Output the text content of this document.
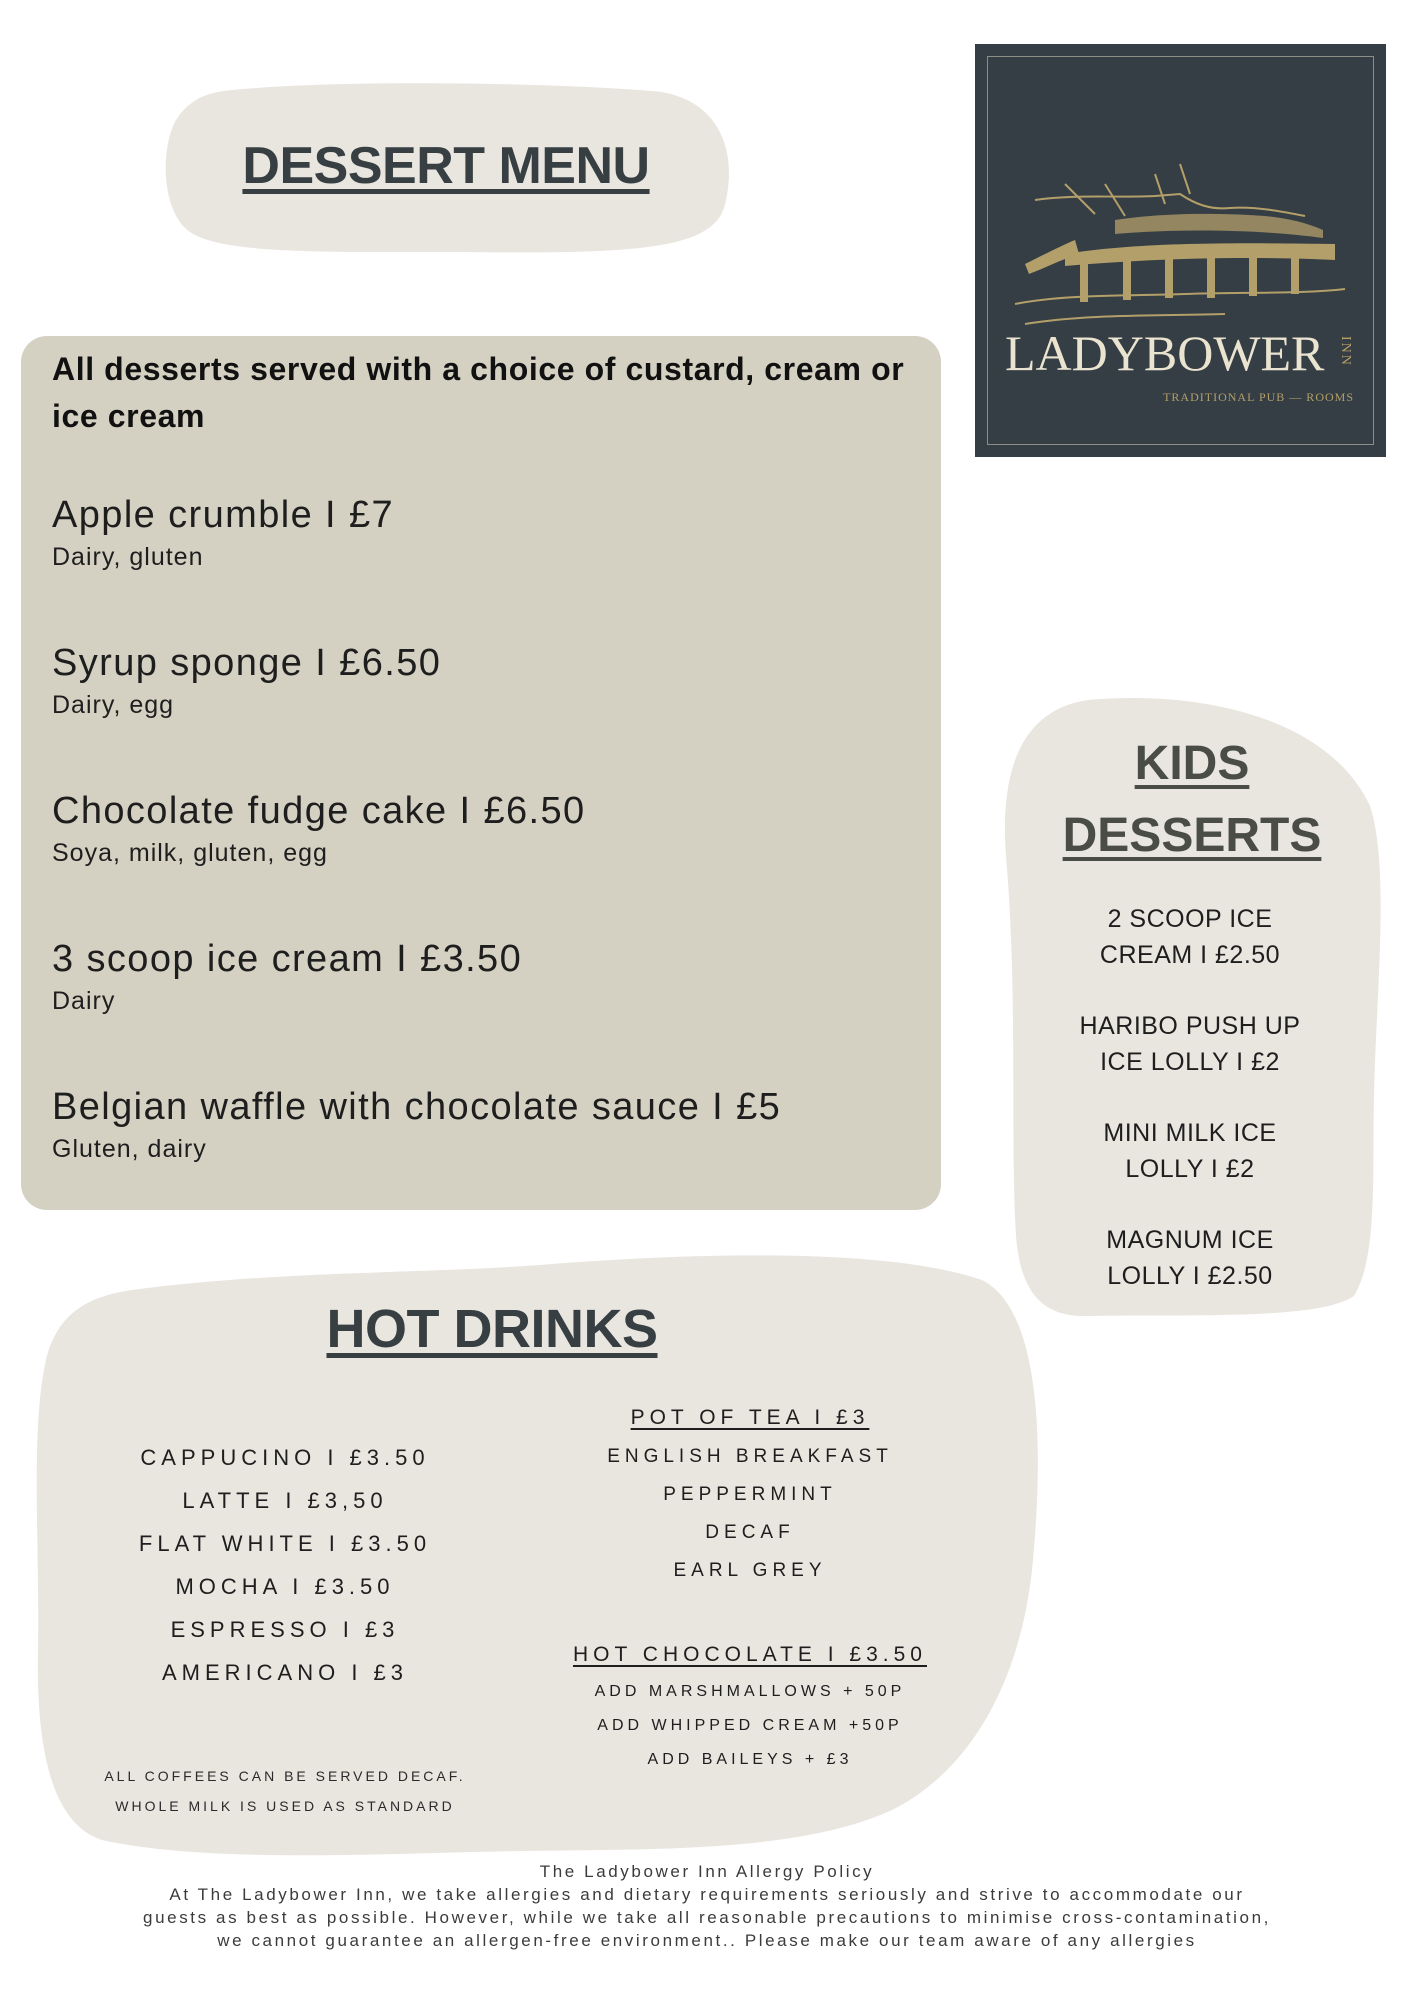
DESSERT MENU
LADYBOWER INN
TRADITIONAL PUB — ROOMS
All desserts served with a choice of custard, cream or ice cream
Apple crumble I £7
Dairy, gluten
Syrup sponge I £6.50
Dairy, egg
Chocolate fudge cake I £6.50
Soya, milk, gluten, egg
3 scoop ice cream I £3.50
Dairy
Belgian waffle with chocolate sauce I £5
Gluten, dairy
KIDS
DESSERTS
2 SCOOP ICE
CREAM I £2.50
HARIBO PUSH UP
ICE LOLLY I £2
MINI MILK ICE
LOLLY I £2
MAGNUM ICE
LOLLY I £2.50
HOT DRINKS
CAPPUCINO I £3.50
LATTE I £3,50
FLAT WHITE I £3.50
MOCHA I £3.50
ESPRESSO I £3
AMERICANO I £3
ALL COFFEES CAN BE SERVED DECAF.
WHOLE MILK IS USED AS STANDARD
POT OF TEA I £3
ENGLISH BREAKFAST
PEPPERMINT
DECAF
EARL GREY
HOT CHOCOLATE I £3.50
ADD MARSHMALLOWS + 50P
ADD WHIPPED CREAM +50P
ADD BAILEYS + £3
The Ladybower Inn Allergy Policy
At The Ladybower Inn, we take allergies and dietary requirements seriously and strive to accommodate our
guests as best as possible. However, while we take all reasonable precautions to minimise cross-contamination,
we cannot guarantee an allergen-free environment.. Please make our team aware of any allergies
